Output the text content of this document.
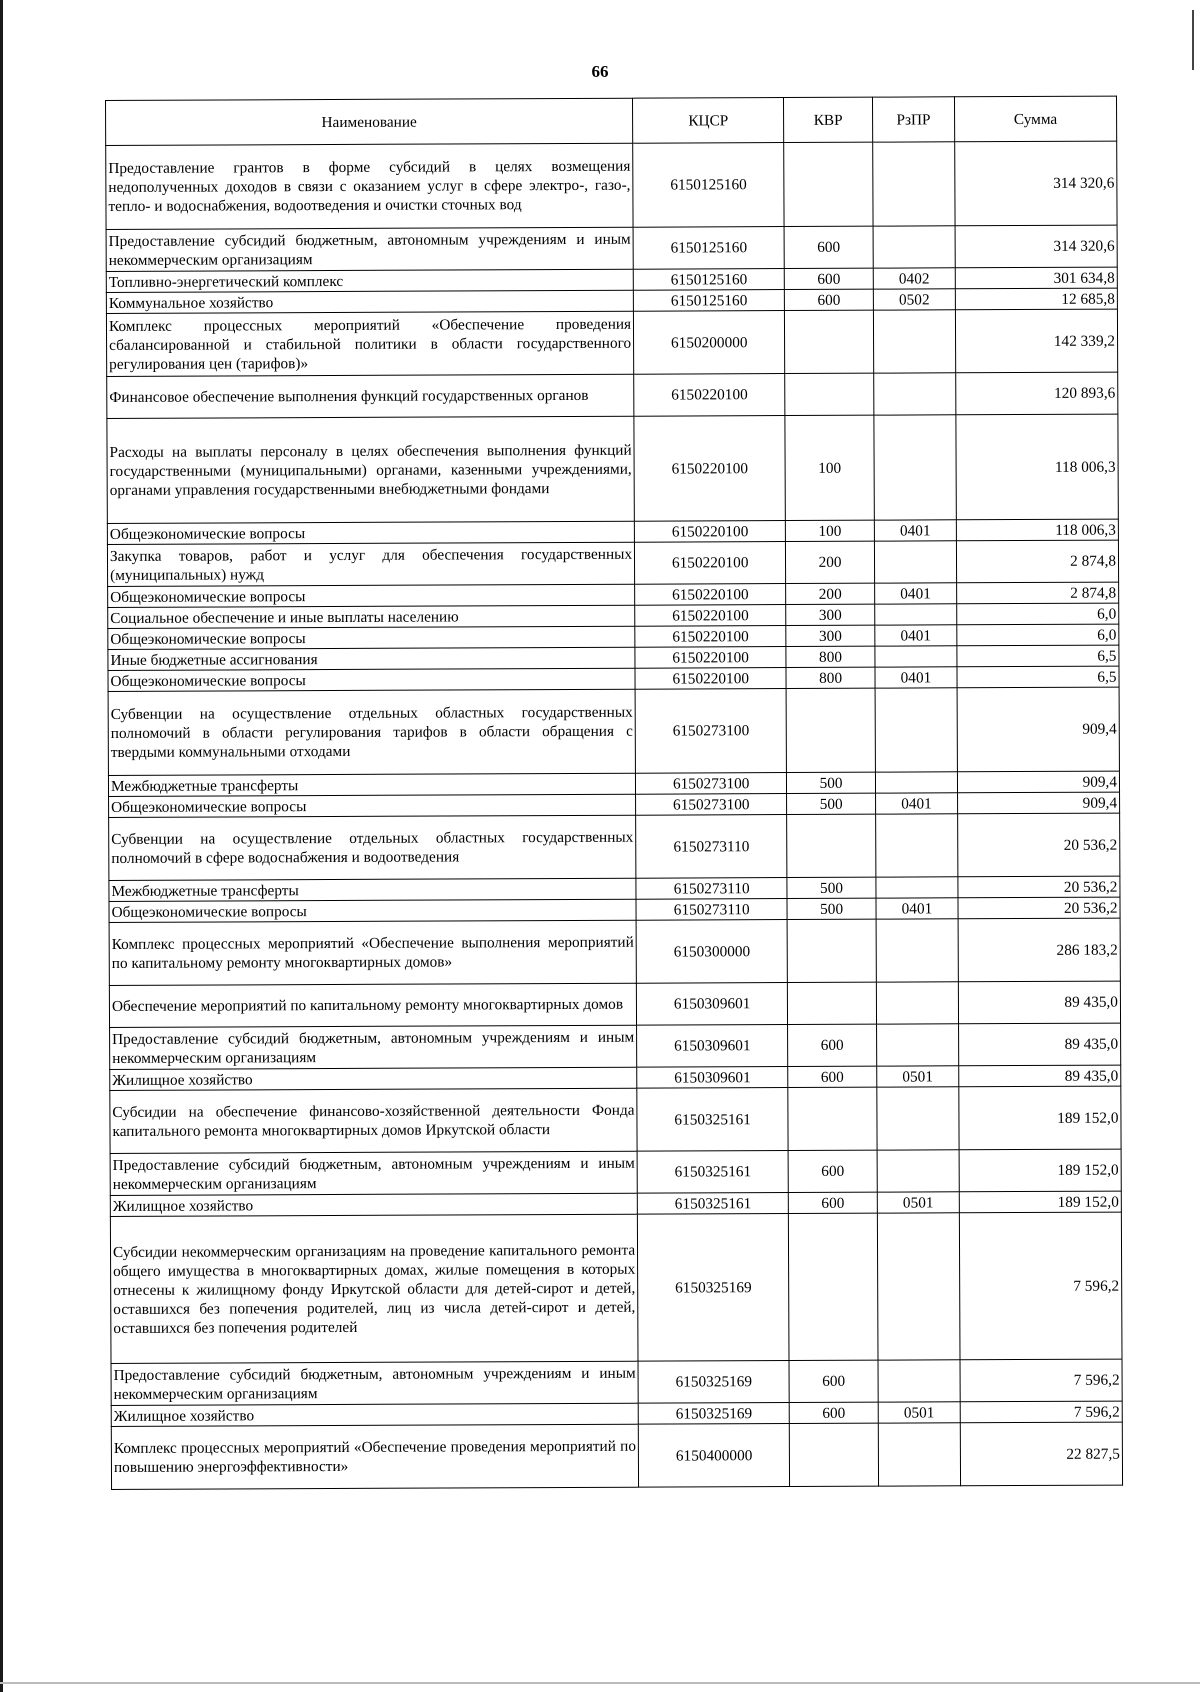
66
Наименование	КЦСР	КВР	РзПР	Сумма
Предоставление грантов в форме субсидий в целях возмещения недополученных доходов в связи с оказанием услуг в сфере электро-, газо-, тепло- и водоснабжения, водоотведения и очистки сточных вод	6150125160			314 320,6
Предоставление субсидий бюджетным, автономным учреждениям и иным некоммерческим организациям	6150125160	600		314 320,6
Топливно-энергетический комплекс	6150125160	600	0402	301 634,8
Коммунальное хозяйство	6150125160	600	0502	12 685,8
Комплекс процессных мероприятий «Обеспечение проведения сбалансированной и стабильной политики в области государственного регулирования цен (тарифов)»	6150200000			142 339,2
Финансовое обеспечение выполнения функций государственных органов	6150220100			120 893,6
Расходы на выплаты персоналу в целях обеспечения выполнения функций государственными (муниципальными) органами, казенными учреждениями, органами управления государственными внебюджетными фондами	6150220100	100		118 006,3
Общеэкономические вопросы	6150220100	100	0401	118 006,3
Закупка товаров, работ и услуг для обеспечения государственных (муниципальных) нужд	6150220100	200		2 874,8
Общеэкономические вопросы	6150220100	200	0401	2 874,8
Социальное обеспечение и иные выплаты населению	6150220100	300		6,0
Общеэкономические вопросы	6150220100	300	0401	6,0
Иные бюджетные ассигнования	6150220100	800		6,5
Общеэкономические вопросы	6150220100	800	0401	6,5
Субвенции на осуществление отдельных областных государственных полномочий в области регулирования тарифов в области обращения с твердыми коммунальными отходами	6150273100			909,4
Межбюджетные трансферты	6150273100	500		909,4
Общеэкономические вопросы	6150273100	500	0401	909,4
Субвенции на осуществление отдельных областных государственных полномочий в сфере водоснабжения и водоотведения	6150273110			20 536,2
Межбюджетные трансферты	6150273110	500		20 536,2
Общеэкономические вопросы	6150273110	500	0401	20 536,2
Комплекс процессных мероприятий «Обеспечение выполнения мероприятий по капитальному ремонту многоквартирных домов»	6150300000			286 183,2
Обеспечение мероприятий по капитальному ремонту многоквартирных домов	6150309601			89 435,0
Предоставление субсидий бюджетным, автономным учреждениям и иным некоммерческим организациям	6150309601	600		89 435,0
Жилищное хозяйство	6150309601	600	0501	89 435,0
Субсидии на обеспечение финансово-хозяйственной деятельности Фонда капитального ремонта многоквартирных домов Иркутской области	6150325161			189 152,0
Предоставление субсидий бюджетным, автономным учреждениям и иным некоммерческим организациям	6150325161	600		189 152,0
Жилищное хозяйство	6150325161	600	0501	189 152,0
Субсидии некоммерческим организациям на проведение капитального ремонта общего имущества в многоквартирных домах, жилые помещения в которых отнесены к жилищному фонду Иркутской области для детей-сирот и детей, оставшихся без попечения родителей, лиц из числа детей-сирот и детей, оставшихся без попечения родителей	6150325169			7 596,2
Предоставление субсидий бюджетным, автономным учреждениям и иным некоммерческим организациям	6150325169	600		7 596,2
Жилищное хозяйство	6150325169	600	0501	7 596,2
Комплекс процессных мероприятий «Обеспечение проведения мероприятий по повышению энергоэффективности»	6150400000			22 827,5
